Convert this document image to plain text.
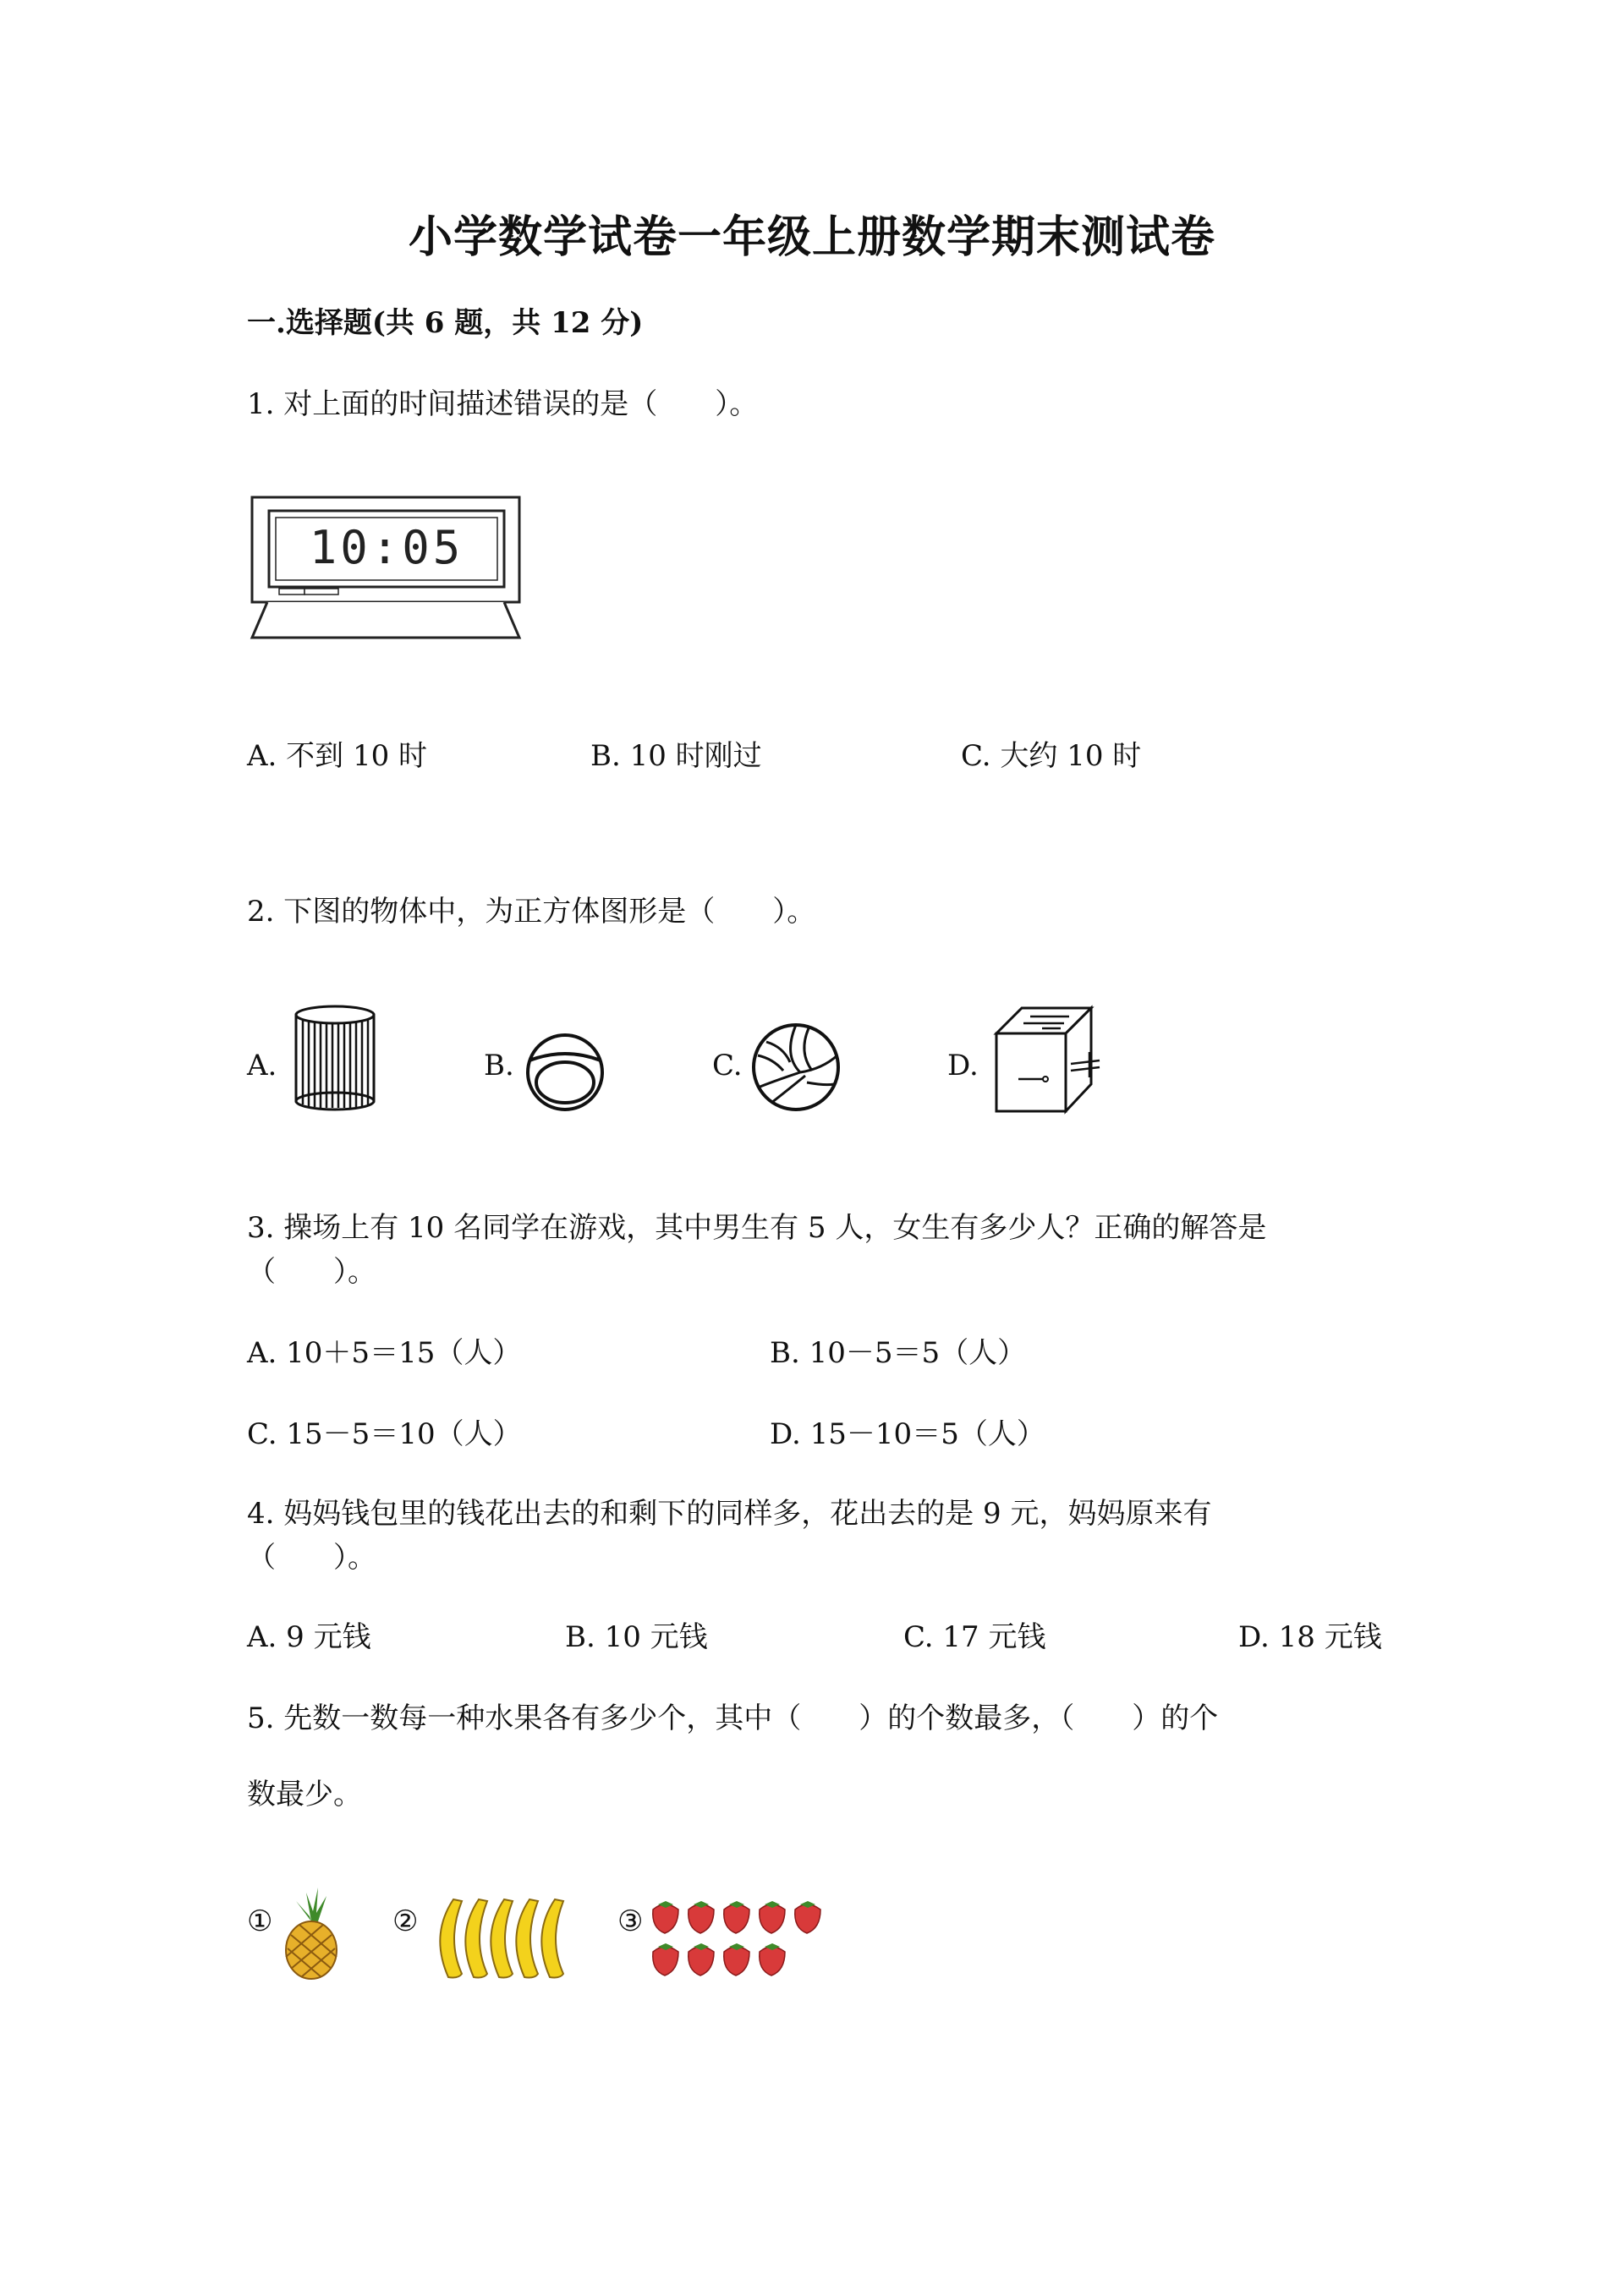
小学数学试卷一年级上册数学期末测试卷
一.选择题(共 6 题，共 12 分)
1. 对上面的时间描述错误的是（　　）。
10:05
A. 不到 10 时	B. 10 时刚过	C. 大约 10 时
2. 下图的物体中，为正方体图形是（　　）。
A.	B.	C.	D.
3. 操场上有 10 名同学在游戏，其中男生有 5 人，女生有多少人？正确的解答是
（　　）。
A. 10＋5＝15（人）	B. 10－5＝5（人）
C. 15－5＝10（人）	D. 15－10＝5（人）
4. 妈妈钱包里的钱花出去的和剩下的同样多，花出去的是 9 元，妈妈原来有
（　　）。
A. 9 元钱	B. 10 元钱	C. 17 元钱	D. 18 元钱
5. 先数一数每一种水果各有多少个，其中（　　）的个数最多，（　　）的个
数最少。
①	②	③
